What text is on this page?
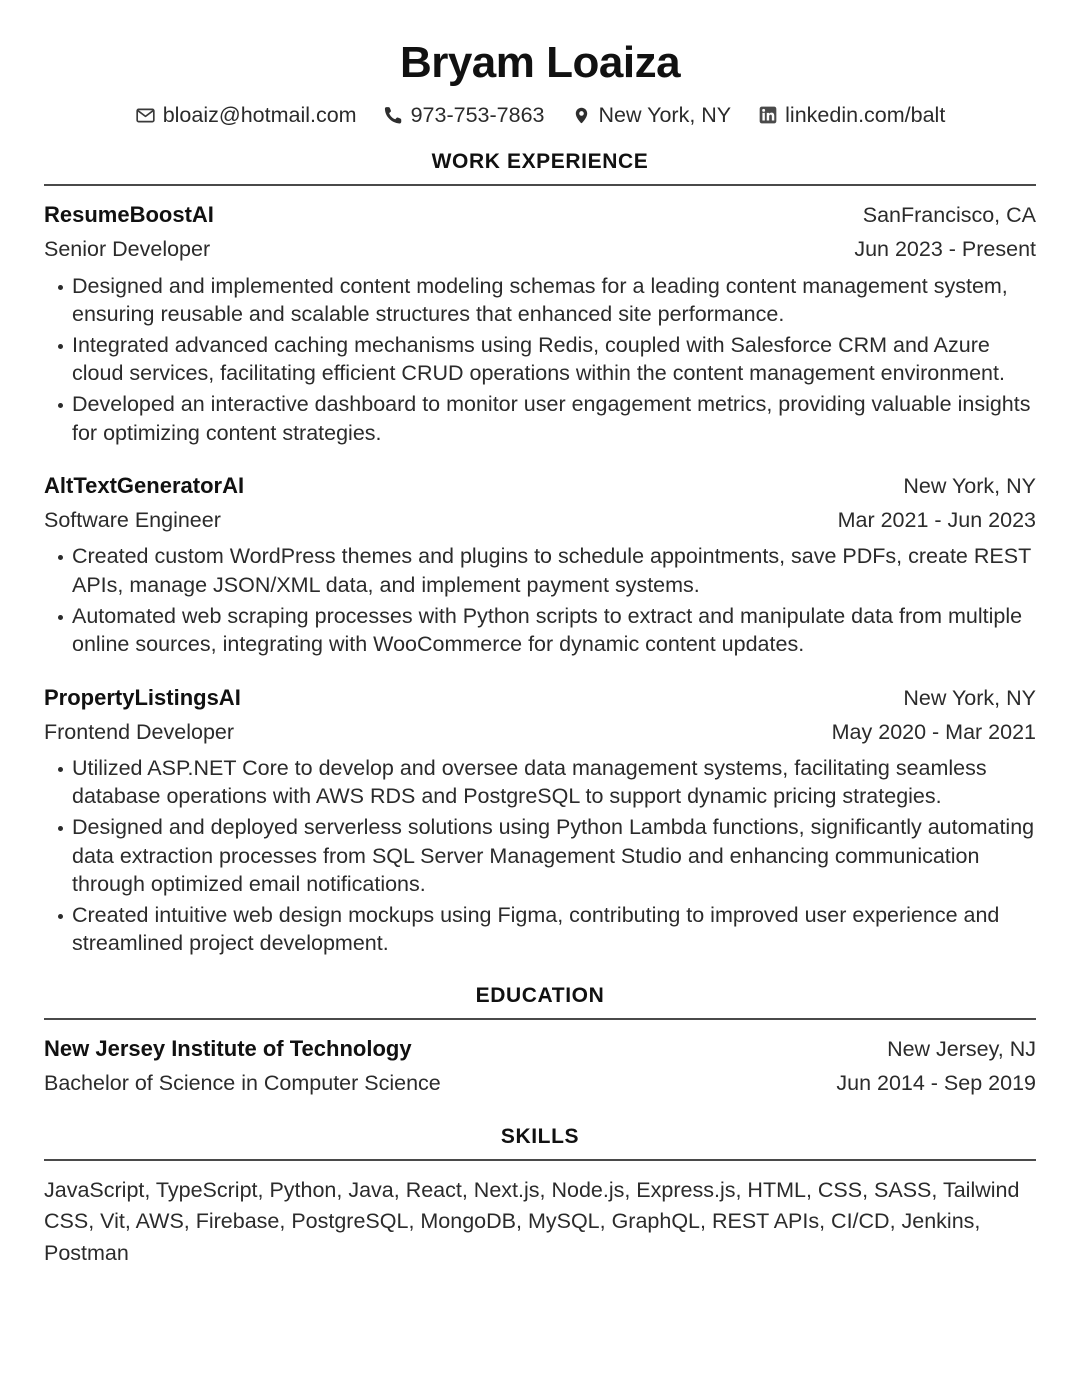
Bryam Loaiza
bloaiz@hotmail.com	973-753-7863	New York, NY	linkedin.com/balt
WORK EXPERIENCE
ResumeBoostAI	SanFrancisco, CA
Senior Developer	Jun 2023 - Present
Designed and implemented content modeling schemas for a leading content management system, ensuring reusable and scalable structures that enhanced site performance.
Integrated advanced caching mechanisms using Redis, coupled with Salesforce CRM and Azure cloud services, facilitating efficient CRUD operations within the content management environment.
Developed an interactive dashboard to monitor user engagement metrics, providing valuable insights for optimizing content strategies.
AltTextGeneratorAI	New York, NY
Software Engineer	Mar 2021 - Jun 2023
Created custom WordPress themes and plugins to schedule appointments, save PDFs, create REST APIs, manage JSON/XML data, and implement payment systems.
Automated web scraping processes with Python scripts to extract and manipulate data from multiple online sources, integrating with WooCommerce for dynamic content updates.
PropertyListingsAI	New York, NY
Frontend Developer	May 2020 - Mar 2021
Utilized ASP.NET Core to develop and oversee data management systems, facilitating seamless database operations with AWS RDS and PostgreSQL to support dynamic pricing strategies.
Designed and deployed serverless solutions using Python Lambda functions, significantly automating data extraction processes from SQL Server Management Studio and enhancing communication through optimized email notifications.
Created intuitive web design mockups using Figma, contributing to improved user experience and streamlined project development.
EDUCATION
New Jersey Institute of Technology	New Jersey, NJ
Bachelor of Science in Computer Science	Jun 2014 - Sep 2019
SKILLS

JavaScript, TypeScript, Python, Java, React, Next.js, Node.js, Express.js, HTML, CSS, SASS, Tailwind CSS, Vit, AWS, Firebase, PostgreSQL, MongoDB, MySQL, GraphQL, REST APIs, CI/CD, Jenkins, Postman
